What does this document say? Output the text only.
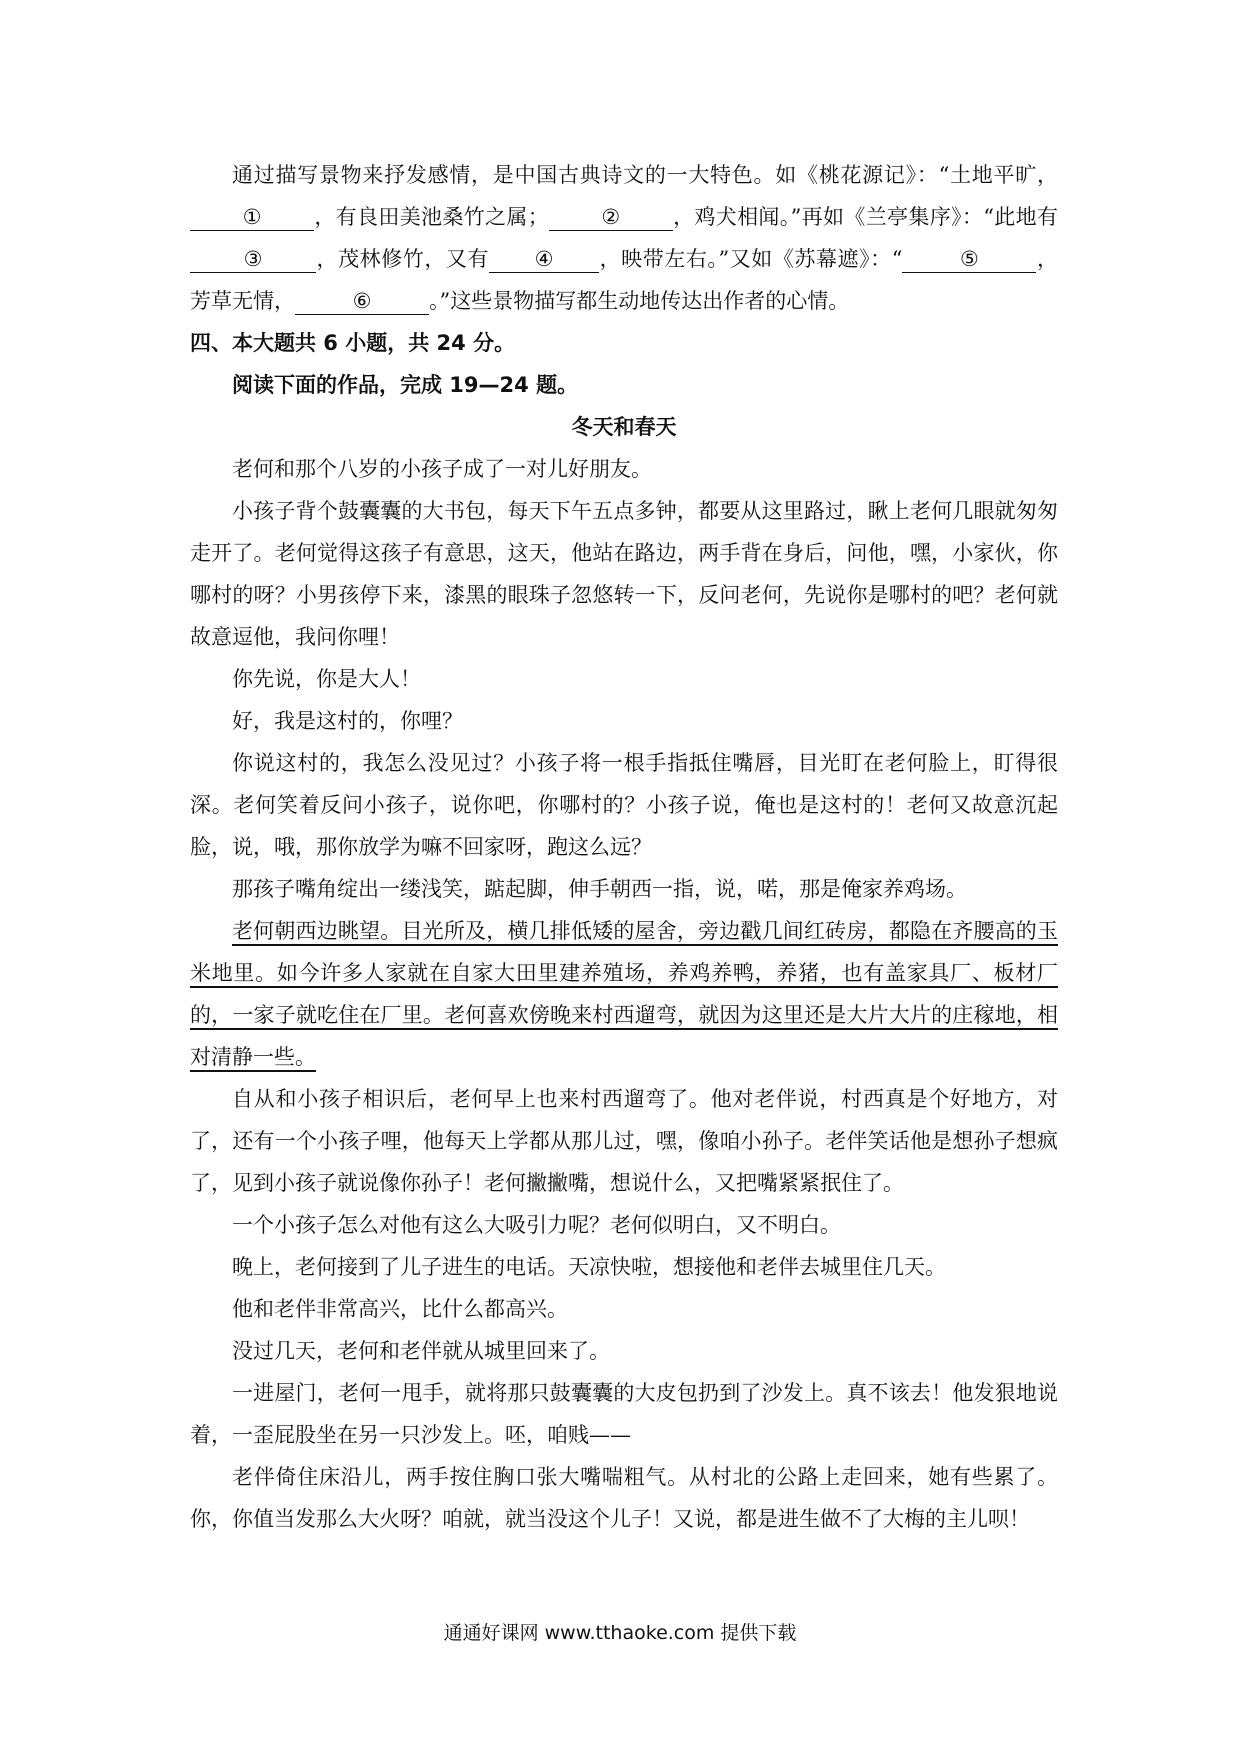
通过描写景物来抒发感情，是中国古典诗文的一大特色。如《桃花源记》：“土地平旷，①	，有良田美池桑竹之属；	②	，鸡犬相闻。”再如《兰亭集序》：“此地有③	，茂林修竹，又有 ④ ，映带左右。”又如《苏幕遮》：“	⑤	，芳草无情，	⑥	。”这些景物描写都生动地传达出作者的心情。

四、本大题共 6 小题，共 24 分。

阅读下面的作品，完成 19—24 题。

冬天和春天

老何和那个八岁的小孩子成了一对儿好朋友。

小孩子背个鼓囊囊的大书包，每天下午五点多钟，都要从这里路过，瞅上老何几眼就匆匆走开了。老何觉得这孩子有意思，这天，他站在路边，两手背在身后，问他，嘿，小家伙，你哪村的呀？小男孩停下来，漆黑的眼珠子忽悠转一下，反问老何，先说你是哪村的吧？老何就故意逗他，我问你哩！

你先说，你是大人！

好，我是这村的，你哩？

你说这村的，我怎么没见过？小孩子将一根手指抵住嘴唇，目光盯在老何脸上，盯得很深。老何笑着反问小孩子，说你吧，你哪村的？小孩子说，俺也是这村的！老何又故意沉起脸，说，哦，那你放学为嘛不回家呀，跑这么远？

那孩子嘴角绽出一缕浅笑，踮起脚，伸手朝西一指，说，喏，那是俺家养鸡场。

老何朝西边眺望。目光所及，横几排低矮的屋舍，旁边戳几间红砖房，都隐在齐腰高的玉米地里。如今许多人家就在自家大田里建养殖场，养鸡养鸭，养猪，也有盖家具厂、板材厂的，一家子就吃住在厂里。老何喜欢傍晚来村西遛弯，就因为这里还是大片大片的庄稼地，相对清静一些。

自从和小孩子相识后，老何早上也来村西遛弯了。他对老伴说，村西真是个好地方，对了，还有一个小孩子哩，他每天上学都从那儿过，嘿，像咱小孙子。老伴笑话他是想孙子想疯了，见到小孩子就说像你孙子！老何撇撇嘴，想说什么，又把嘴紧紧抿住了。

一个小孩子怎么对他有这么大吸引力呢？老何似明白，又不明白。

晚上，老何接到了儿子进生的电话。天凉快啦，想接他和老伴去城里住几天。

他和老伴非常高兴，比什么都高兴。

没过几天，老何和老伴就从城里回来了。

一进屋门，老何一甩手，就将那只鼓囊囊的大皮包扔到了沙发上。真不该去！他发狠地说着，一歪屁股坐在另一只沙发上。呸，咱贱——

老伴倚住床沿儿，两手按住胸口张大嘴喘粗气。从村北的公路上走回来，她有些累了。你，你值当发那么大火呀？咱就，就当没这个儿子！又说，都是进生做不了大梅的主儿呗！

通通好课网 www.tthaoke.com 提供下载
